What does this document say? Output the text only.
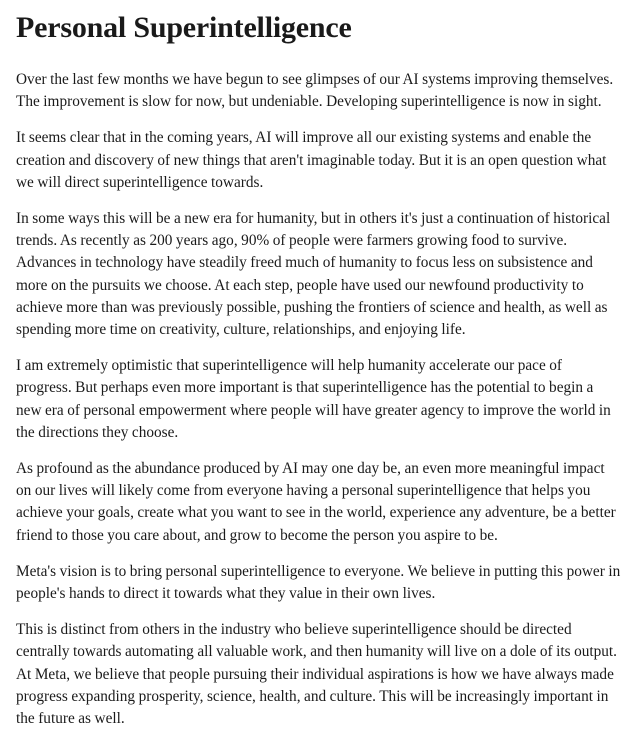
Personal Superintelligence

Over the last few months we have begun to see glimpses of our AI systems improving themselves. The improvement is slow for now, but undeniable. Developing superintelligence is now in sight.

It seems clear that in the coming years, AI will improve all our existing systems and enable the creation and discovery of new things that aren't imaginable today. But it is an open question what we will direct superintelligence towards.

In some ways this will be a new era for humanity, but in others it's just a continuation of historical trends. As recently as 200 years ago, 90% of people were farmers growing food to survive. Advances in technology have steadily freed much of humanity to focus less on subsistence and more on the pursuits we choose. At each step, people have used our newfound productivity to achieve more than was previously possible, pushing the frontiers of science and health, as well as spending more time on creativity, culture, relationships, and enjoying life.

I am extremely optimistic that superintelligence will help humanity accelerate our pace of progress. But perhaps even more important is that superintelligence has the potential to begin a new era of personal empowerment where people will have greater agency to improve the world in the directions they choose.

As profound as the abundance produced by AI may one day be, an even more meaningful impact on our lives will likely come from everyone having a personal superintelligence that helps you achieve your goals, create what you want to see in the world, experience any adventure, be a better friend to those you care about, and grow to become the person you aspire to be.

Meta's vision is to bring personal superintelligence to everyone. We believe in putting this power in people's hands to direct it towards what they value in their own lives.

This is distinct from others in the industry who believe superintelligence should be directed centrally towards automating all valuable work, and then humanity will live on a dole of its output. At Meta, we believe that people pursuing their individual aspirations is how we have always made progress expanding prosperity, science, health, and culture. This will be increasingly important in the future as well.
